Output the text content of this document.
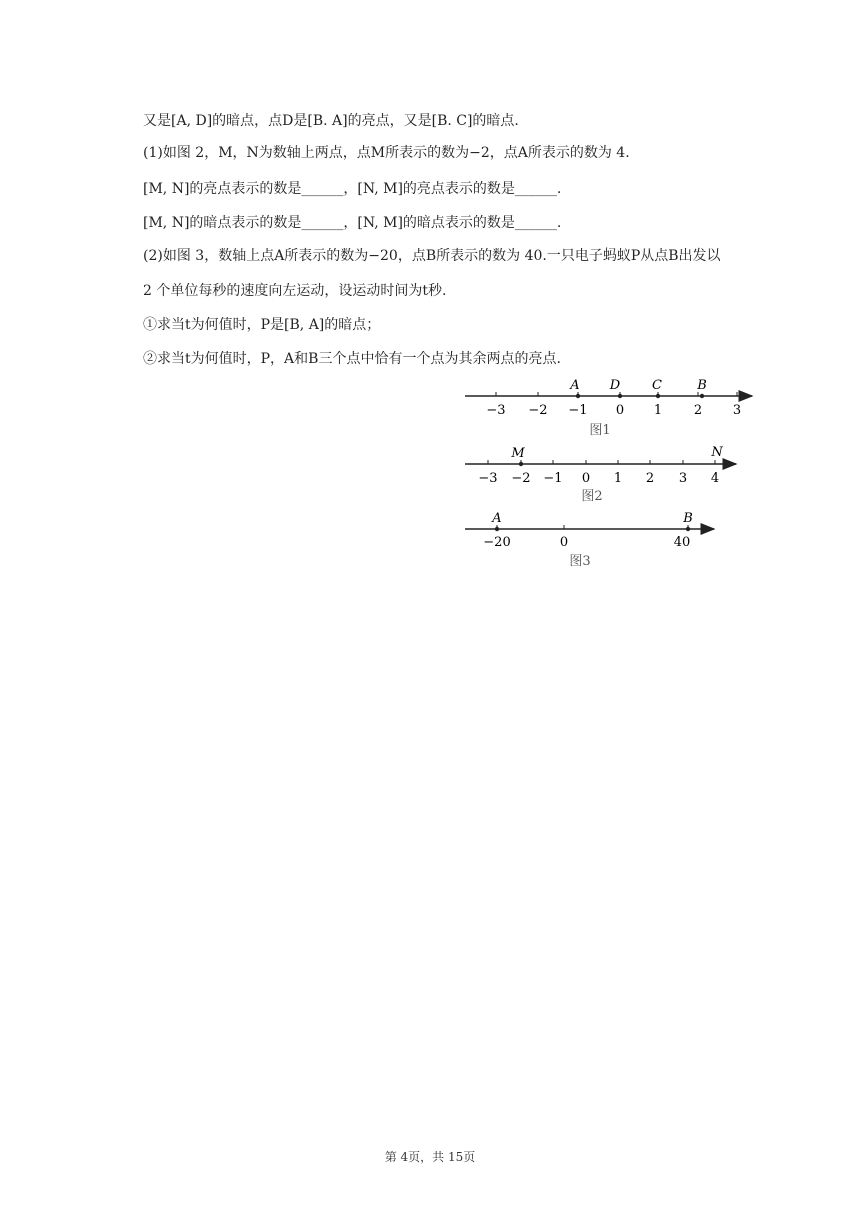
又是[A, D]的暗点，点D是[B. A]的亮点，又是[B. C]的暗点.
(1)如图 2，M，N为数轴上两点，点M所表示的数为−2，点A所表示的数为 4.
[M, N]的亮点表示的数是______，[N, M]的亮点表示的数是______.
[M, N]的暗点表示的数是______，[N, M]的暗点表示的数是______.
(2)如图 3，数轴上点A所表示的数为−20，点B所表示的数为 40.一只电子蚂蚁P从点B出发以
2 个单位每秒的速度向左运动，设运动时间为t秒.
①求当t为何值时，P是[B, A]的暗点；
②求当t为何值时，P，A和B三个点中恰有一个点为其余两点的亮点.
−3 −2 −1 0 1 2 3
A D C	B
图1
−3 −2 −1 0 1 2 3 4
M	N
图2
A	B
−20	0	40
图3
第 4页，共 15页
